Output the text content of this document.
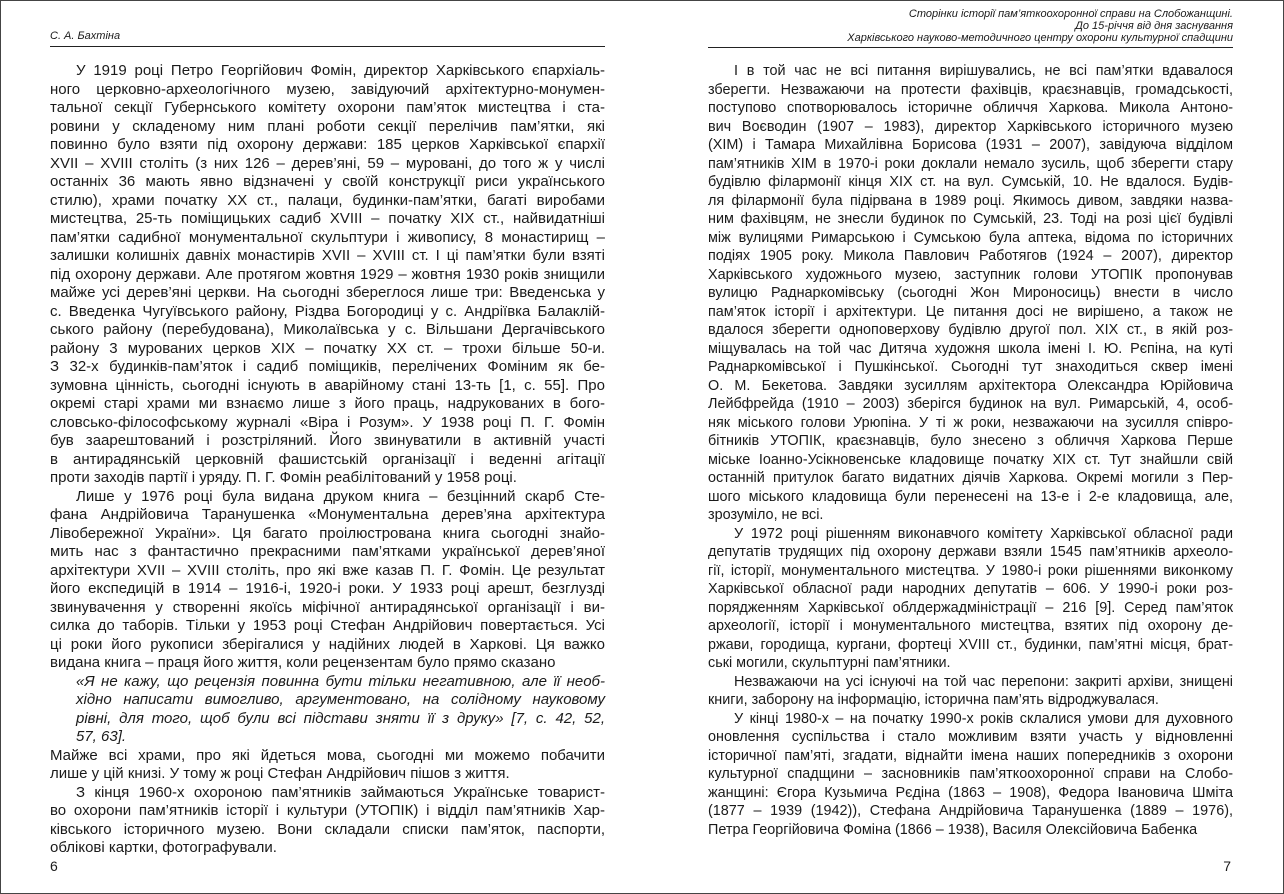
С. А. Бахтіна
У 1919 році Петро Георгійович Фомін, директор Харківського єпархіаль-
ного церковно-археологічного музею, завідуючий архітектурно-монумен-
тальної секції Губернського комітету охорони пам’яток мистецтва і ста-
ровини у складеному ним плані роботи секції перелічив пам’ятки, які
повинно було взяти під охорону держави: 185 церков Харківської єпархії
XVII – XVIII століть (з них 126 – дерев’яні, 59 – муровані, до того ж у числі
останніх 36 мають явно відзначені у своїй конструкції риси українського
стилю), храми початку XX ст., палаци, будинки-пам’ятки, багаті виробами
мистецтва, 25-ть поміщицьких садиб XVIII – початку XIX ст., найвидатніші
пам’ятки садибної монументальної скульптури і живопису, 8 монастирищ –
залишки колишніх давніх монастирів XVII – XVIII ст. І ці пам’ятки були взяті
під охорону держави. Але протягом жовтня 1929 – жовтня 1930 років знищили
майже усі дерев’яні церкви. На сьогодні збереглося лише три: Введенська у
с. Введенка Чугуївського району, Різдва Богородиці у с. Андріївка Балаклій-
ського району (перебудована), Миколаївська у с. Вільшани Дергачівського
району 3 мурованих церков XIX – початку XX ст. – трохи більше 50-и.
З 32-х будинків-пам’яток і садиб поміщиків, перелічених Фоміним як бе-
зумовна цінність, сьогодні існують в аварійному стані 13-ть [1, с. 55]. Про
окремі старі храми ми взнаємо лише з його праць, надрукованих в бого-
словсько-філософському журналі «Віра і Розум». У 1938 році П. Г. Фомін
був заарештований і розстріляний. Його звинуватили в активній участі
в антирадянській церковній фашистській організації і веденні агітації
проти заходів партії і уряду. П. Г. Фомін реабілітований у 1958 році.
Лише у 1976 році була видана друком книга – безцінний скарб Сте-
фана Андрійовича Таранушенка «Монументальна дерев’яна архітектура
Лівобережної України». Ця багато проілюстрована книга сьогодні знайо-
мить нас з фантастично прекрасними пам’ятками української дерев’яної
архітектури XVII – XVIII століть, про які вже казав П. Г. Фомін. Це результат
його експедицій в 1914 – 1916-і, 1920-і роки. У 1933 році арешт, безглузді
звинувачення у створенні якоїсь міфічної антирадянської організації і ви-
силка до таборів. Тільки у 1953 році Стефан Андрійович повертається. Усі
ці роки його рукописи зберігалися у надійних людей в Харкові. Ця важко
видана книга – праця його життя, коли рецензентам було прямо сказано
«Я не кажу, що рецензія повинна бути тільки негативною, але її необ-
хідно написати вимогливо, аргументовано, на солідному науковому
рівні, для того, щоб були всі підстави зняти її з друку» [7, с. 42, 52,
57, 63].
Майже всі храми, про які йдеться мова, сьогодні ми можемо побачити
лише у цій книзі. У тому ж році Стефан Андрійович пішов з життя.
З кінця 1960-х охороною пам’ятників займаються Українське товарист-
во охорони пам’ятників історії і культури (УТОПІК) і відділ пам’ятників Хар-
ківського історичного музею. Вони складали списки пам’яток, паспорти,
облікові картки, фотографували.
6
Сторінки історії пам’яткоохоронної справи на Слобожанщині.
До 15-річчя від дня заснування
Харківського науково-методичного центру охорони культурної спадщини
І в той час не всі питання вирішувались, не всі пам’ятки вдавалося
зберегти. Незважаючи на протести фахівців, краєзнавців, громадськості,
поступово спотворювалось історичне обличчя Харкова. Микола Антоно-
вич Воєводин (1907 – 1983), директор Харківського історичного музею
(ХІМ) і Тамара Михайлівна Борисова (1931 – 2007), завідуюча відділом
пам’ятників ХІМ в 1970-і роки доклали немало зусиль, щоб зберегти стару
будівлю філармонії кінця XIX ст. на вул. Сумській, 10. Не вдалося. Будів-
ля філармонії була підірвана в 1989 році. Якимось дивом, завдяки назва-
ним фахівцям, не знесли будинок по Сумській, 23. Тоді на розі цієї будівлі
між вулицями Римарською і Сумською була аптека, відома по історичних
подіях 1905 року. Микола Павлович Работягов (1924 – 2007), директор
Харківського художнього музею, заступник голови УТОПІК пропонував
вулицю Раднаркомівську (сьогодні Жон Мироносиць) внести в число
пам’яток історії і архітектури. Це питання досі не вирішено, а також не
вдалося зберегти одноповерхову будівлю другої пол. XIX ст., в якій роз-
міщувалась на той час Дитяча художня школа імені І. Ю. Рєпіна, на куті
Раднаркомівської і Пушкінської. Сьогодні тут знаходиться сквер імені
О. М. Бекетова. Завдяки зусиллям архітектора Олександра Юрійовича
Лейбфрейда (1910 – 2003) зберігся будинок на вул. Римарській, 4, особ-
няк міського голови Урюпіна. У ті ж роки, незважаючи на зусилля співро-
бітників УТОПІК, краєзнавців, було знесено з обличчя Харкова Перше
міське Іоанно-Усікновенське кладовище початку XIX ст. Тут знайшли свій
останній притулок багато видатних діячів Харкова. Окремі могили з Пер-
шого міського кладовища були перенесені на 13-е і 2-е кладовища, але,
зрозуміло, не всі.
У 1972 році рішенням виконавчого комітету Харківської обласної ради
депутатів трудящих під охорону держави взяли 1545 пам’ятників археоло-
гії, історії, монументального мистецтва. У 1980-і роки рішеннями виконкому
Харківської обласної ради народних депутатів – 606. У 1990-і роки роз-
порядженням Харківської облдержадміністрації – 216 [9]. Серед пам’яток
археології, історії і монументального мистецтва, взятих під охорону де-
ржави, городища, кургани, фортеці XVIII ст., будинки, пам’ятні місця, брат-
ські могили, скульптурні пам’ятники.
Незважаючи на усі існуючі на той час перепони: закриті архіви, знищені
книги, заборону на інформацію, історична пам’ять відроджувалася.
У кінці 1980-х – на початку 1990-х років склалися умови для духовного
оновлення суспільства і стало можливим взяти участь у відновленні
історичної пам’яті, згадати, віднайти імена наших попередників з охорони
культурної спадщини – засновників пам’яткоохоронної справи на Слобо-
жанщині: Єгора Кузьмича Рєдіна (1863 – 1908), Федора Івановича Шміта
(1877 – 1939 (1942)), Стефана Андрійовича Таранушенка (1889 – 1976),
Петра Георгійовича Фоміна (1866 – 1938), Василя Олексійовича Бабенка
7
